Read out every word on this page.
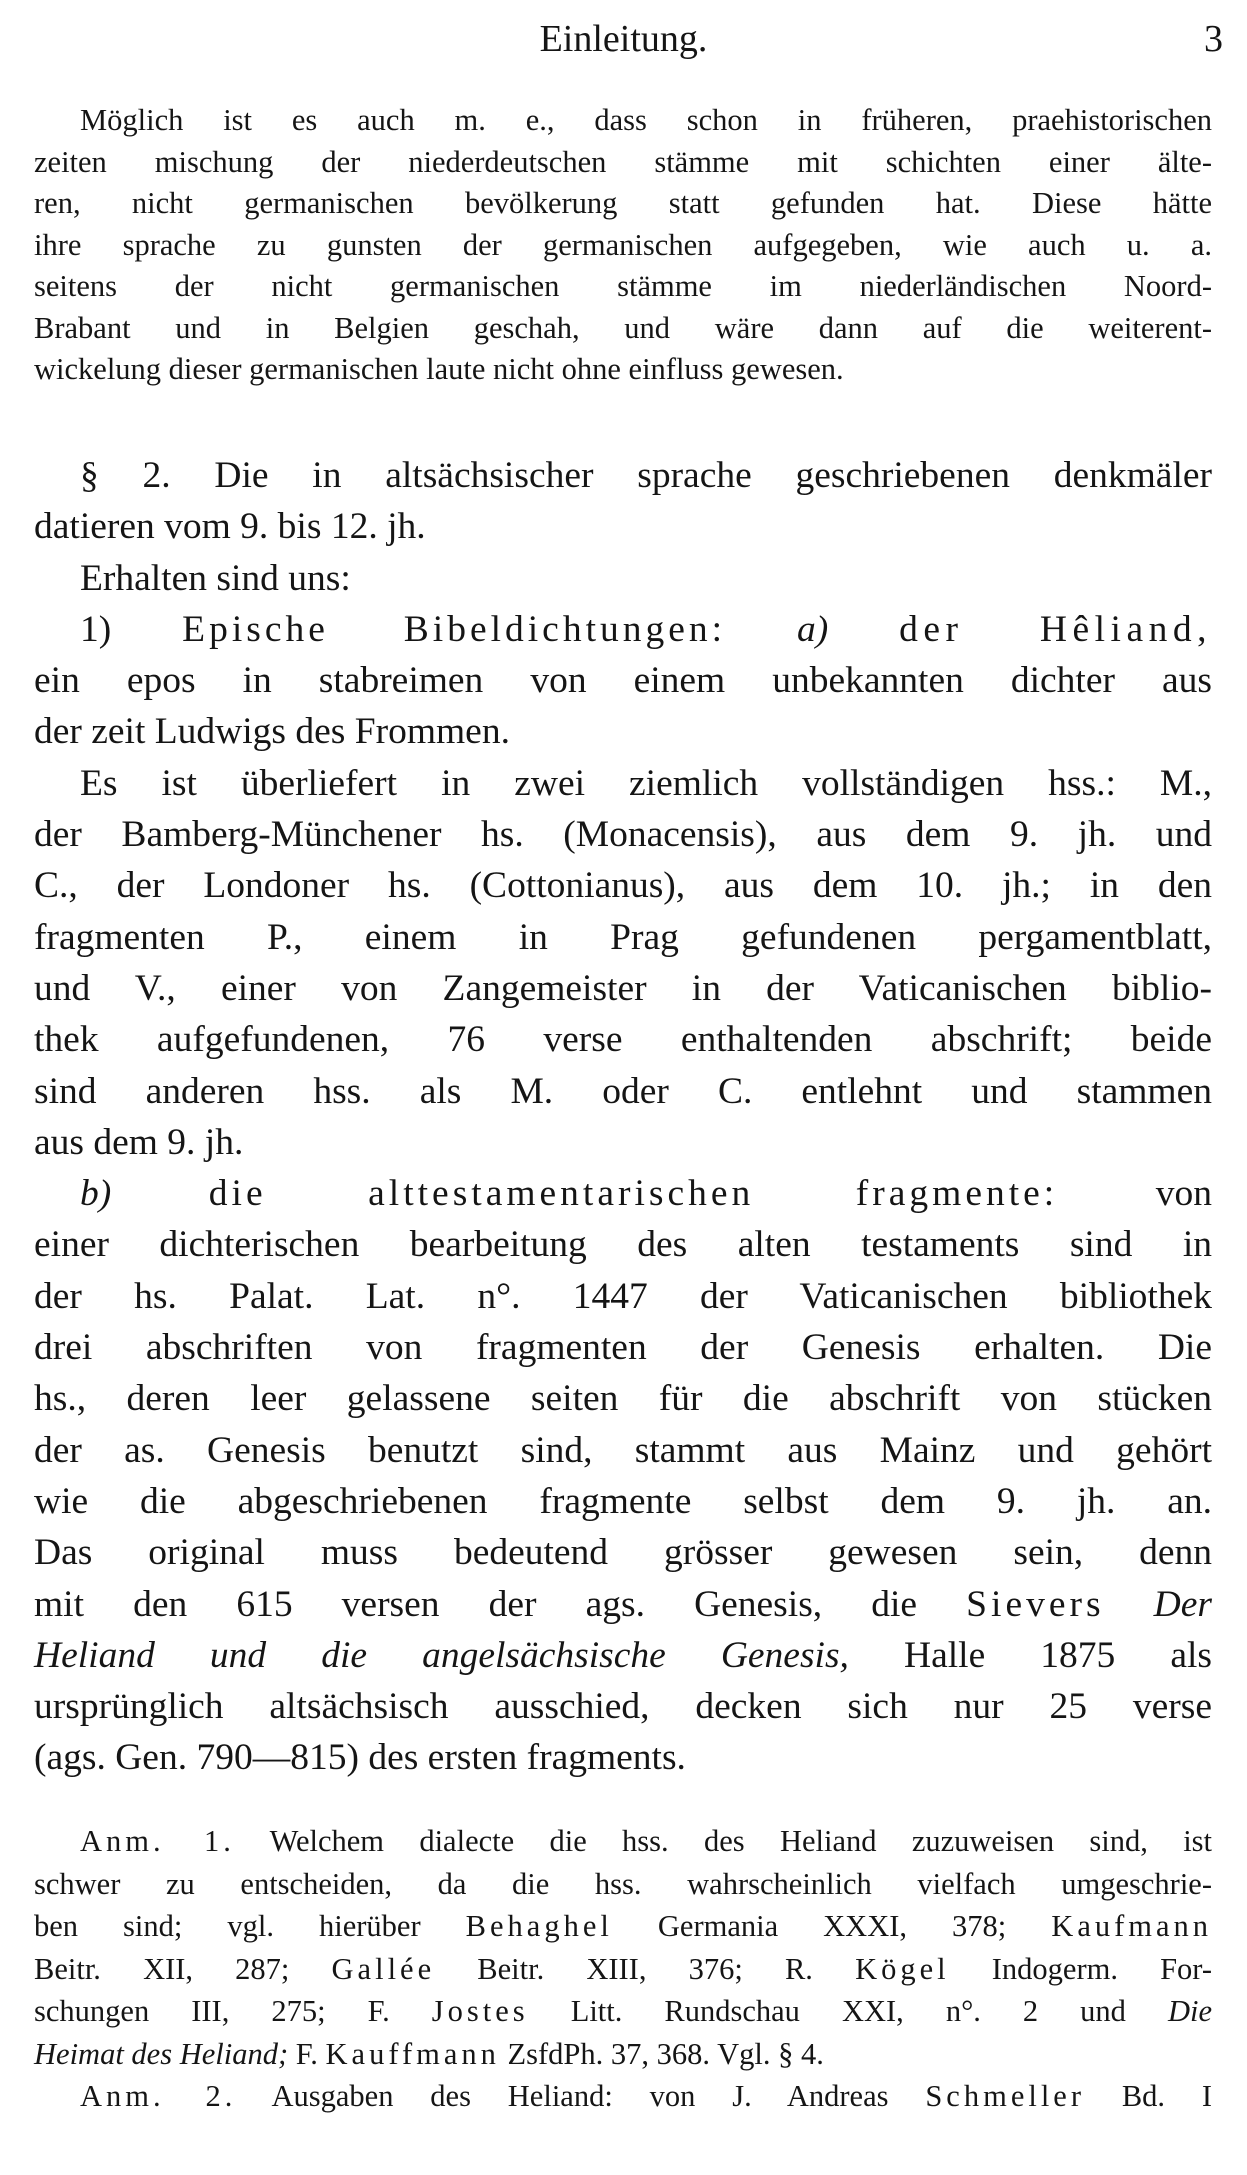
Einleitung.	3

Möglich ist es auch m. e., dass schon in früheren, praehistorischen
zeiten mischung der niederdeutschen stämme mit schichten einer älte-
ren, nicht germanischen bevölkerung statt gefunden hat. Diese hätte
ihre sprache zu gunsten der germanischen aufgegeben, wie auch u. a.
seitens der nicht germanischen stämme im niederländischen Noord-
Brabant und in Belgien geschah, und wäre dann auf die weiterent-
wickelung dieser germanischen laute nicht ohne einfluss gewesen.

§ 2. Die in altsächsischer sprache geschriebenen denkmäler
datieren vom 9. bis 12. jh.
Erhalten sind uns:
1) Epische Bibeldichtungen: a) der Hêliand,
ein epos in stabreimen von einem unbekannten dichter aus
der zeit Ludwigs des Frommen.
Es ist überliefert in zwei ziemlich vollständigen hss.: M.,
der Bamberg-Münchener hs. (Monacensis), aus dem 9. jh. und
C., der Londoner hs. (Cottonianus), aus dem 10. jh.; in den
fragmenten P., einem in Prag gefundenen pergamentblatt,
und V., einer von Zangemeister in der Vaticanischen biblio-
thek aufgefundenen, 76 verse enthaltenden abschrift; beide
sind anderen hss. als M. oder C. entlehnt und stammen
aus dem 9. jh.
b)	die alttestamentarischen fragmente:	von
einer dichterischen bearbeitung des alten testaments sind in
der hs. Palat. Lat. n°. 1447 der Vaticanischen bibliothek
drei abschriften von fragmenten der Genesis erhalten. Die
hs., deren leer gelassene seiten für die abschrift von stücken
der as. Genesis benutzt sind, stammt aus Mainz und gehört
wie die abgeschriebenen fragmente selbst dem 9. jh. an.
Das original muss bedeutend grösser gewesen sein, denn
mit den 615 versen der ags. Genesis, die Sievers Der
Heliand und die angelsächsische Genesis, Halle 1875 als
ursprünglich altsächsisch ausschied, decken sich nur 25 verse
(ags. Gen. 790—815) des ersten fragments.

Anm. 1. Welchem dialecte die hss. des Heliand zuzuweisen sind, ist
schwer zu entscheiden, da die hss. wahrscheinlich vielfach umgeschrie-
ben sind; vgl. hierüber Behaghel Germania XXXI, 378; Kaufmann
Beitr. XII, 287; Gallée Beitr. XIII, 376; R. Kögel Indogerm. For-
schungen III, 275; F. Jostes Litt. Rundschau XXI, n°. 2 und Die
Heimat des Heliand; F. Kauffmann ZsfdPh. 37, 368. Vgl. § 4.
Anm. 2. Ausgaben des Heliand: von J. Andreas Schmeller Bd. I
